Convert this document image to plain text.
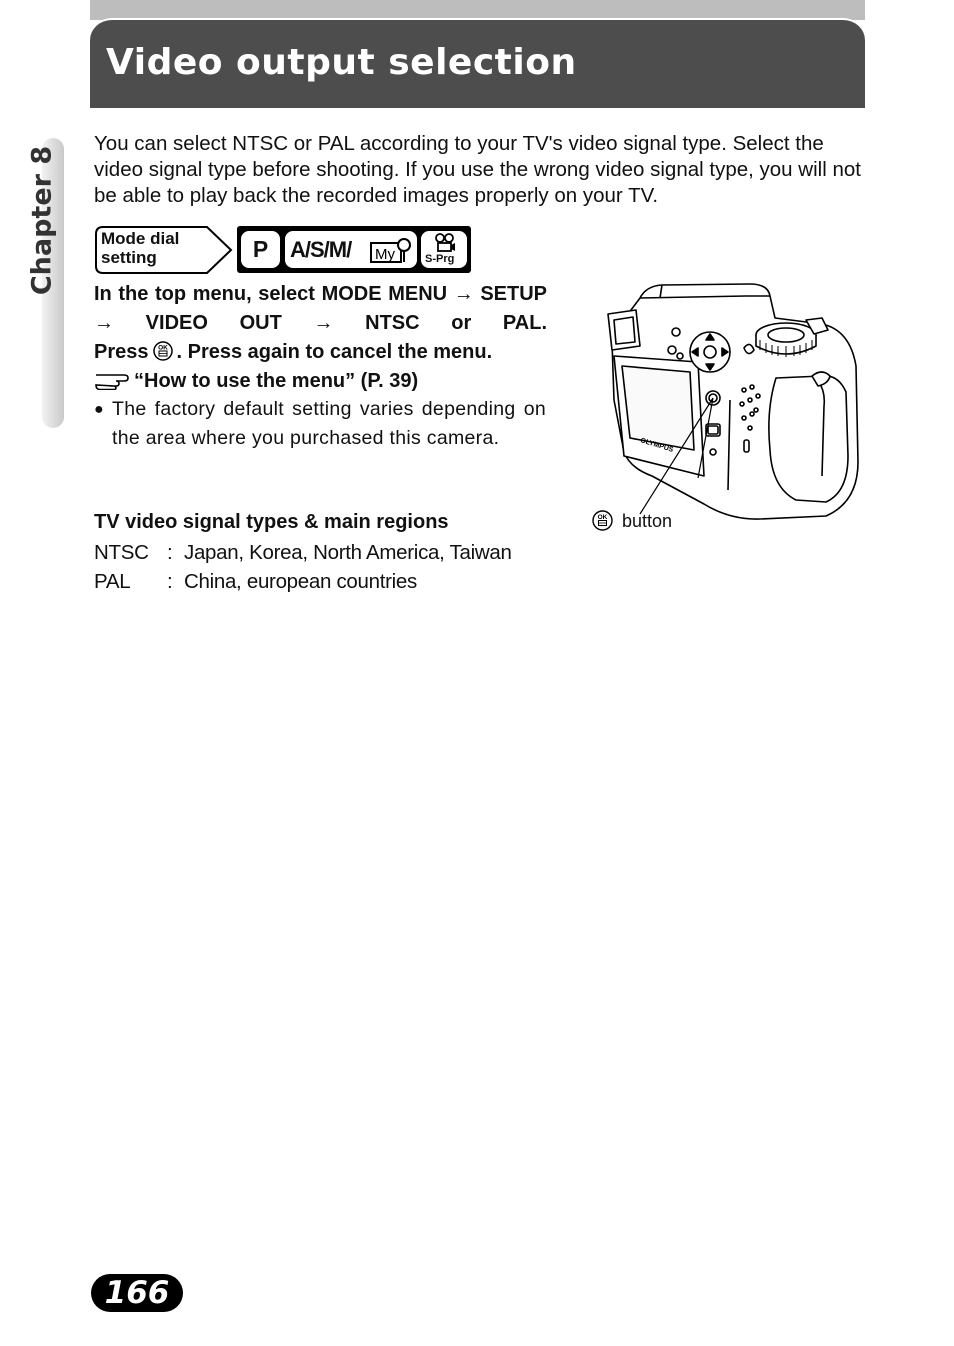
Video output selection
Chapter 8

You can select NTSC or PAL according to your TV's video signal type. Select the video signal type before shooting. If you use the wrong video signal type, you will not be able to play back the recorded images properly on your TV.

Mode dial
setting	P A/S/M/ My	S-Prg

In the top menu, select MODE MENU → SETUP → VIDEO OUT → NTSC or PAL.

Press OK . Press again to cancel the menu.
“How to use the menu” (P. 39)
● The factory default setting varies depending on the area where you purchased this camera.
TV video signal types & main regions
NTSC : Japan, Korea, North America, Taiwan
PAL : China, european countries
OLYMPUS
OK button
166
